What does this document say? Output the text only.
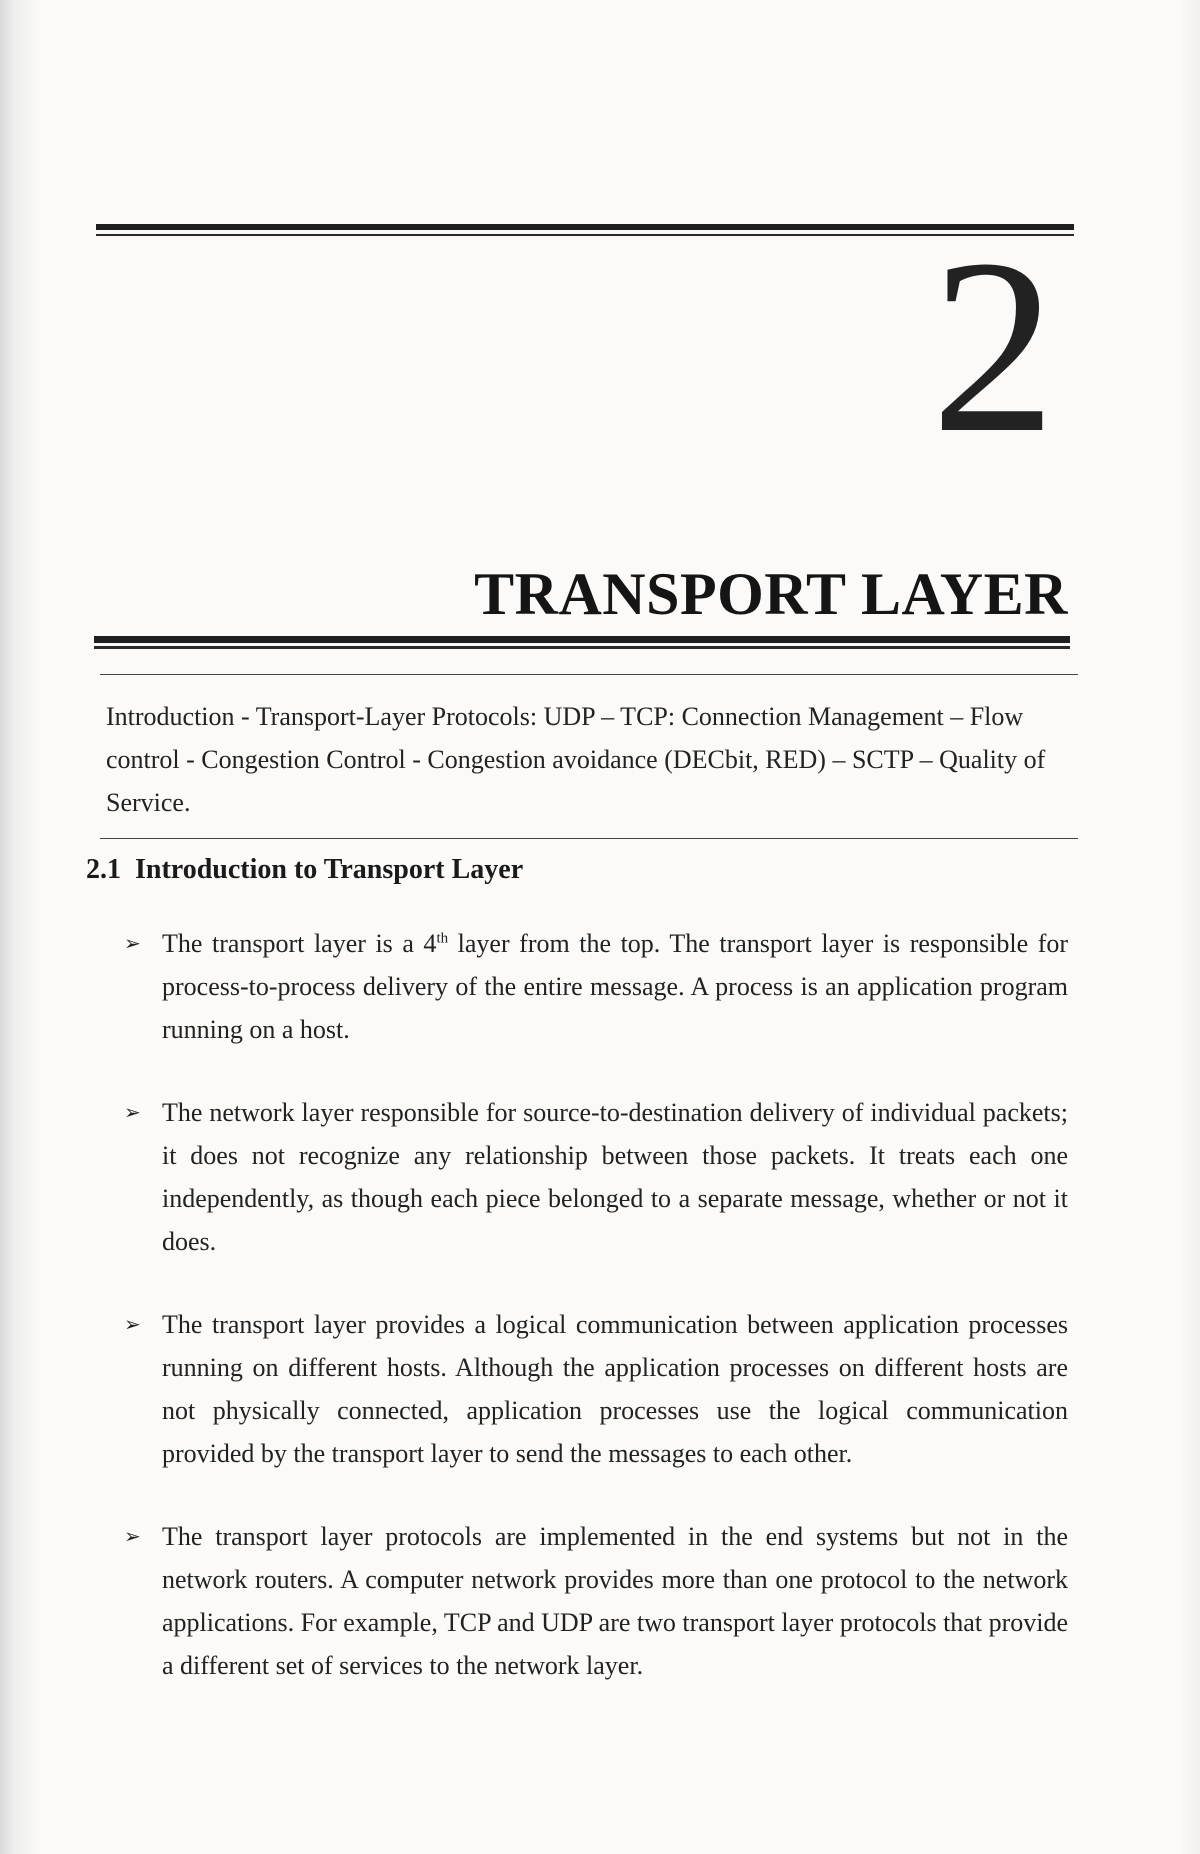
2
TRANSPORT LAYER
Introduction - Transport-Layer Protocols: UDP – TCP: Connection Management – Flow control - Congestion Control - Congestion avoidance (DECbit, RED) – SCTP – Quality of Service.
2.1 Introduction to Transport Layer
➢ The transport layer is a 4th layer from the top. The transport layer is responsible for process-to-process delivery of the entire message. A process is an application program running on a host.
➢ The network layer responsible for source-to-destination delivery of individual packets; it does not recognize any relationship between those packets. It treats each one independently, as though each piece belonged to a separate message, whether or not it does.
➢ The transport layer provides a logical communication between application processes running on different hosts. Although the application processes on different hosts are not physically connected, application processes use the logical communication provided by the transport layer to send the messages to each other.
➢ The transport layer protocols are implemented in the end systems but not in the network routers. A computer network provides more than one protocol to the network applications. For example, TCP and UDP are two transport layer protocols that provide a different set of services to the network layer.
